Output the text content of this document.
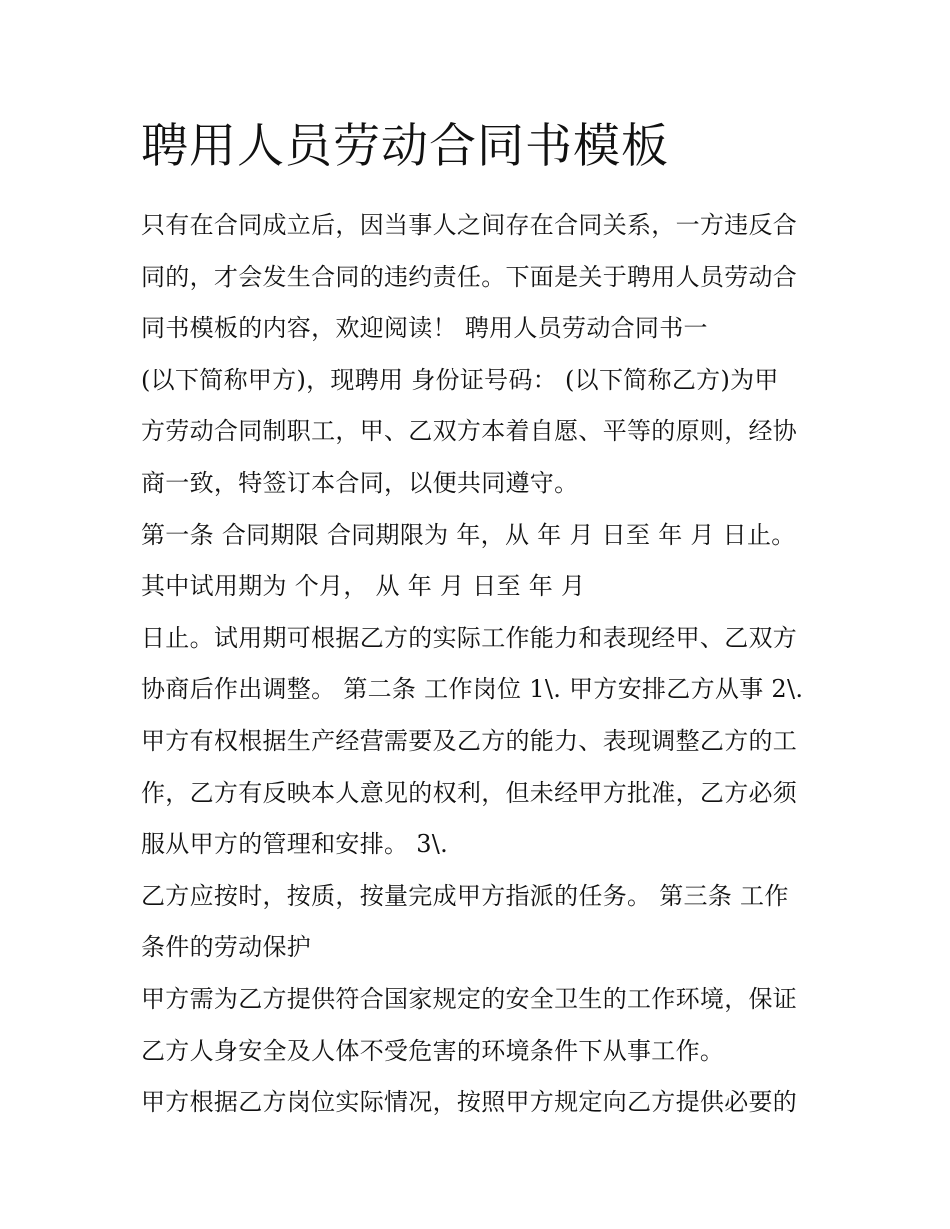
聘用人员劳动合同书模板
只有在合同成立后，因当事人之间存在合同关系，一方违反合
同的，才会发生合同的违约责任。下面是关于聘用人员劳动合
同书模板的内容，欢迎阅读！ 聘用人员劳动合同书一
(以下简称甲方)，现聘用 身份证号码： (以下简称乙方)为甲
方劳动合同制职工，甲、乙双方本着自愿、平等的原则，经协
商一致，特签订本合同，以便共同遵守。
第一条 合同期限 合同期限为 年，从 年 月 日至 年 月 日止。
其中试用期为 个月， 从 年 月 日至 年 月
日止。试用期可根据乙方的实际工作能力和表现经甲、乙双方
协商后作出调整。 第二条 工作岗位 1\. 甲方安排乙方从事 2\.
甲方有权根据生产经营需要及乙方的能力、表现调整乙方的工
作，乙方有反映本人意见的权利，但未经甲方批准，乙方必须
服从甲方的管理和安排。 3\.
乙方应按时，按质，按量完成甲方指派的任务。 第三条 工作
条件的劳动保护
甲方需为乙方提供符合国家规定的安全卫生的工作环境，保证
乙方人身安全及人体不受危害的环境条件下从事工作。
甲方根据乙方岗位实际情况，按照甲方规定向乙方提供必要的
